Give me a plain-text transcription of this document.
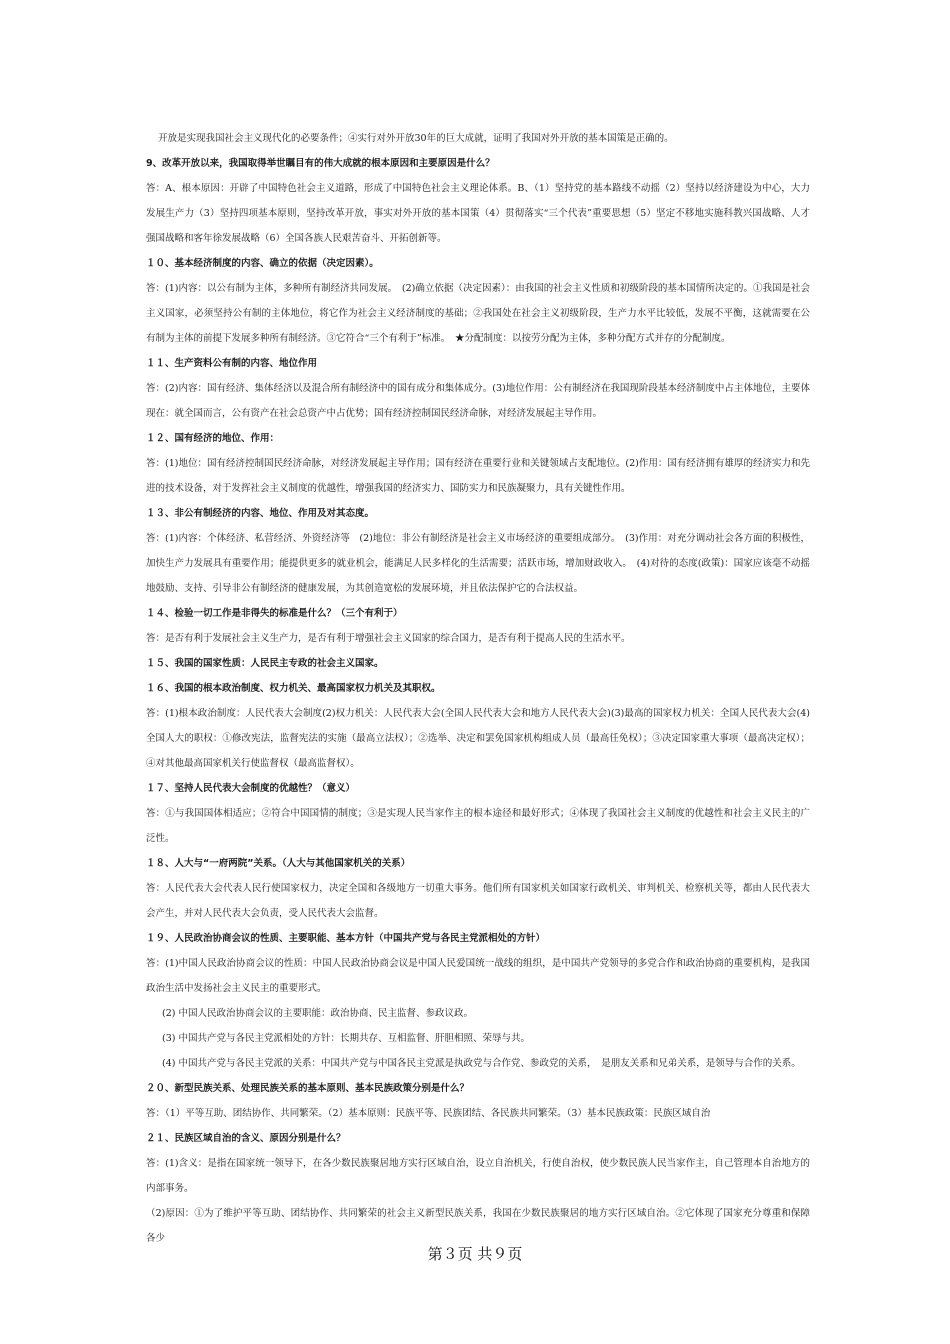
开放是实现我国社会主义现代化的必要条件；④实行对外开放30年的巨大成就，证明了我国对外开放的基本国策是正确的。

9、改革开放以来，我国取得举世瞩目有的伟大成就的根本原因和主要原因是什么？

答：A、根本原因：开辟了中国特色社会主义道路，形成了中国特色社会主义理论体系。B、（1）坚持党的基本路线不动摇（2）坚持以经济建设为中心，大力发展生产力（3）坚持四项基本原则，坚持改革开放，事实对外开放的基本国策（4）贯彻落实“三个代表”重要思想（5）坚定不移地实施科教兴国战略、人才强国战略和客年徐发展战略（6）全国各族人民艰苦奋斗、开拓创新等。

１０、基本经济制度的内容、确立的依据（决定因素）。

答：(1)内容：以公有制为主体，多种所有制经济共同发展。　(2)确立依据（决定因素）：由我国的社会主义性质和初级阶段的基本国情所决定的。①我国是社会主义国家，必须坚持公有制的主体地位，将它作为社会主义经济制度的基础；②我国处在社会主义初级阶段，生产力水平比较低，发展不平衡，这就需要在公有制为主体的前提下发展多种所有制经济。③它符合“三个有利于”标准。　★分配制度：以按劳分配为主体，多种分配方式并存的分配制度。

１１、生产资料公有制的内容、地位作用

答：(2)内容：国有经济、集体经济以及混合所有制经济中的国有成分和集体成分。(3)地位作用：公有制经济在我国现阶段基本经济制度中占主体地位，主要体现在：就全国而言，公有资产在社会总资产中占优势；国有经济控制国民经济命脉，对经济发展起主导作用。

１２、国有经济的地位、作用：

答：(1)地位：国有经济控制国民经济命脉，对经济发展起主导作用；国有经济在重要行业和关键领域占支配地位。(2)作用：国有经济拥有雄厚的经济实力和先进的技术设备，对于发挥社会主义制度的优越性，增强我国的经济实力、国防实力和民族凝聚力，具有关键性作用。

１３、非公有制经济的内容、地位、作用及对其态度。

答：(1)内容：个体经济、私营经济、外资经济等　(2)地位：非公有制经济是社会主义市场经济的重要组成部分。　(3)作用：对充分调动社会各方面的积极性，加快生产力发展具有重要作用；能提供更多的就业机会，能满足人民多样化的生活需要；活跃市场，增加财政收入。　(4)对待的态度(政策)：国家应该毫不动摇地鼓励、支持、引导非公有制经济的健康发展，为其创造宽松的发展环境，并且依法保护它的合法权益。

１４、检验一切工作是非得失的标准是什么？（三个有利于）

答：是否有利于发展社会主义生产力，是否有利于增强社会主义国家的综合国力，是否有利于提高人民的生活水平。

１５、我国的国家性质：人民民主专政的社会主义国家。

１６、我国的根本政治制度、权力机关、最高国家权力机关及其职权。

答：(1)根本政治制度：人民代表大会制度(2)权力机关：人民代表大会(全国人民代表大会和地方人民代表大会)(3)最高的国家权力机关：全国人民代表大会(4)全国人大的职权：①修改宪法，监督宪法的实施（最高立法权）；②选举、决定和罢免国家机构组成人员（最高任免权）；③决定国家重大事项（最高决定权）；④对其他最高国家机关行使监督权（最高监督权）。

１７、坚持人民代表大会制度的优越性？（意义）

答：①与我国国体相适应；②符合中国国情的制度；③是实现人民当家作主的根本途径和最好形式；④体现了我国社会主义制度的优越性和社会主义民主的广泛性。

１８、人大与“一府两院”关系。（人大与其他国家机关的关系）

答：人民代表大会代表人民行使国家权力，决定全国和各级地方一切重大事务。他们所有国家机关如国家行政机关、审判机关、检察机关等，都由人民代表大会产生，并对人民代表大会负责，受人民代表大会监督。

１９、人民政治协商会议的性质、主要职能、基本方针（中国共产党与各民主党派相处的方针）

答：(1)中国人民政治协商会议的性质：中国人民政治协商会议是中国人民爱国统一战线的组织，是中国共产党领导的多党合作和政治协商的重要机构，是我国政治生活中发扬社会主义民主的重要形式。

(2) 中国人民政治协商会议的主要职能：政治协商、民主监督、参政议政。

(3) 中国共产党与各民主党派相处的方针：长期共存、互相监督、肝胆相照、荣辱与共。

(4) 中国共产党与各民主党派的关系：中国共产党与中国各民主党派是执政党与合作党、参政党的关系，　是朋友关系和兄弟关系，是领导与合作的关系。

２０、新型民族关系、处理民族关系的基本原则、基本民族政策分别是什么？

答：（1）平等互助、团结协作、共同繁荣。（2）基本原则：民族平等、民族团结、各民族共同繁荣。（3）基本民族政策：民族区域自治

２１、民族区域自治的含义、原因分别是什么？

答：(1)含义：是指在国家统一领导下，在各少数民族聚居地方实行区域自治，设立自治机关，行使自治权，使少数民族人民当家作主，自己管理本自治地方的内部事务。

（2)原因：①为了维护平等互助、团结协作、共同繁荣的社会主义新型民族关系，我国在少数民族聚居的地方实行区域自治。②它体现了国家充分尊重和保障各少

第３页 共９页
